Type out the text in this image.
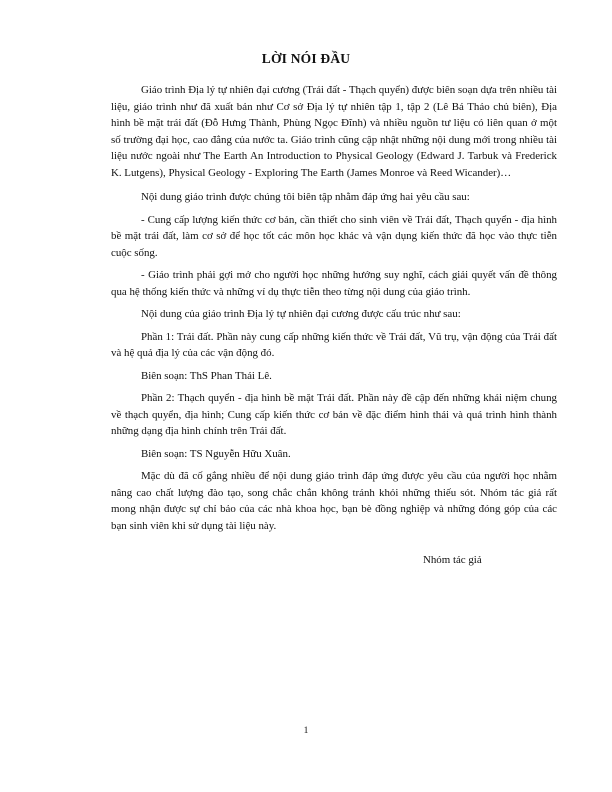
LỜI NÓI ĐẦU

Giáo trình Địa lý tự nhiên đại cương (Trái đất - Thạch quyển) được biên soạn dựa trên nhiều tài liệu, giáo trình như đã xuất bản như Cơ sở Địa lý tự nhiên tập 1, tập 2 (Lê Bá Thảo chủ biên), Địa hình bề mặt trái đất (Đỗ Hưng Thành, Phùng Ngọc Đĩnh) và nhiều nguồn tư liệu có liên quan ở một số trường đại học, cao đẳng của nước ta. Giáo trình cũng cập nhật những nội dung mới trong nhiều tài liệu nước ngoài như The Earth An Introduction to Physical Geology (Edward J. Tarbuk và Frederick K. Lutgens), Physical Geology - Exploring The Earth (James Monroe và Reed Wicander)…

Nội dung giáo trình được chúng tôi biên tập nhằm đáp ứng hai yêu cầu sau:

- Cung cấp lượng kiến thức cơ bản, cần thiết cho sinh viên về Trái đất, Thạch quyển - địa hình bề mặt trái đất, làm cơ sở để học tốt các môn học khác và vận dụng kiến thức đã học vào thực tiễn cuộc sống.

- Giáo trình phải gợi mở cho người học những hướng suy nghĩ, cách giải quyết vấn đề thông qua hệ thống kiến thức và những ví dụ thực tiễn theo từng nội dung của giáo trình.

Nội dung của giáo trình Địa lý tự nhiên đại cương được cấu trúc như sau:

Phần 1: Trái đất. Phần này cung cấp những kiến thức về Trái đất, Vũ trụ, vận động của Trái đất và hệ quả địa lý của các vận động đó.

Biên soạn: ThS Phan Thái Lê.

Phần 2: Thạch quyển - địa hình bề mặt Trái đất. Phần này đề cập đến những khái niệm chung về thạch quyển, địa hình; Cung cấp kiến thức cơ bản về đặc điểm hình thái và quá trình hình thành những dạng địa hình chính trên Trái đất.

Biên soạn: TS Nguyễn Hữu Xuân.

Mặc dù đã cố gắng nhiều để nội dung giáo trình đáp ứng được yêu cầu của người học nhằm nâng cao chất lượng đào tạo, song chắc chắn không tránh khỏi những thiếu sót. Nhóm tác giả rất mong nhận được sự chỉ bảo của các nhà khoa học, bạn bè đồng nghiệp và những đóng góp của các bạn sinh viên khi sử dụng tài liệu này.

Nhóm tác giả
1
